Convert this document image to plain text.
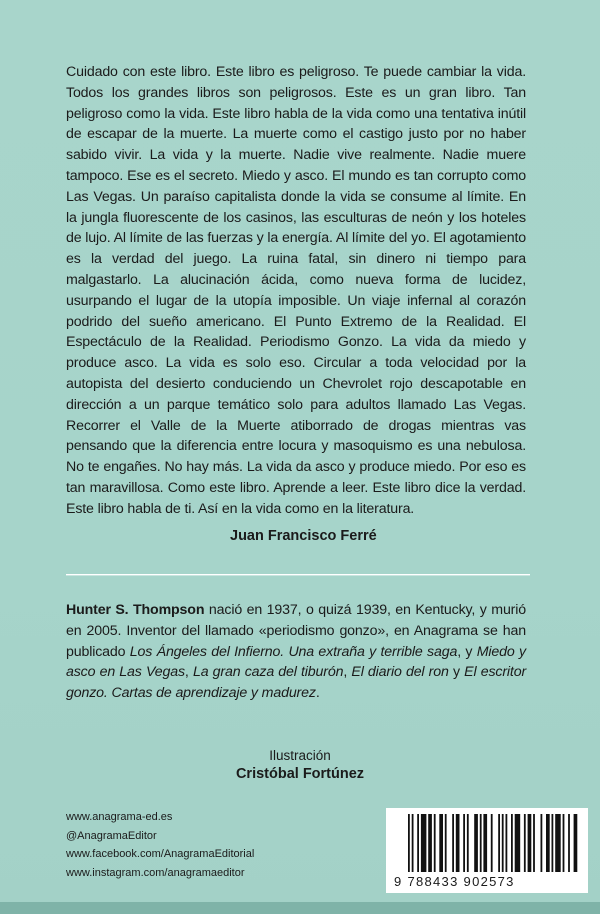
Cuidado con este libro. Este libro es peligroso. Te puede cambiar la vida. Todos los grandes libros son peligrosos. Este es un gran libro. Tan peligroso como la vida. Este libro habla de la vida como una tentativa inútil de escapar de la muerte. La muerte como el castigo justo por no haber sabido vivir. La vida y la muerte. Nadie vive realmente. Nadie muere tampoco. Ese es el secreto. Miedo y asco. El mundo es tan corrupto como Las Vegas. Un paraíso capitalista donde la vida se consume al límite. En la jungla fluorescente de los casinos, las esculturas de neón y los hoteles de lujo. Al límite de las fuerzas y la energía. Al límite del yo. El agotamiento es la verdad del juego. La ruina fatal, sin dinero ni tiempo para malgastarlo. La alucinación ácida, como nueva forma de lucidez, usurpando el lugar de la utopía imposible. Un viaje infernal al corazón podrido del sueño americano. El Punto Extremo de la Realidad. El Espectáculo de la Realidad. Periodismo Gonzo. La vida da miedo y produce asco. La vida es solo eso. Circular a toda velocidad por la autopista del desierto conduciendo un Chevrolet rojo descapotable en dirección a un parque temático solo para adultos llamado Las Vegas. Recorrer el Valle de la Muerte atiborrado de drogas mientras vas pensando que la diferencia entre locura y masoquismo es una nebulosa. No te engañes. No hay más. La vida da asco y produce miedo. Por eso es tan maravillosa. Como este libro. Aprende a leer. Este libro dice la verdad. Este libro habla de ti. Así en la vida como en la literatura.

Juan Francisco Ferré

Hunter S. Thompson nació en 1937, o quizá 1939, en Kentucky, y murió en 2005. Inventor del llamado «periodismo gonzo», en Anagrama se han publicado Los Ángeles del Infierno. Una extraña y terrible saga, y Miedo y asco en Las Vegas, La gran caza del tiburón, El diario del ron y El escritor gonzo. Cartas de aprendizaje y madurez.

Ilustración

Cristóbal Fortúnez

www.anagrama-ed.es
@AnagramaEditor
www.facebook.com/AnagramaEditorial
www.instagram.com/anagramaeditor
9 788433 902573
